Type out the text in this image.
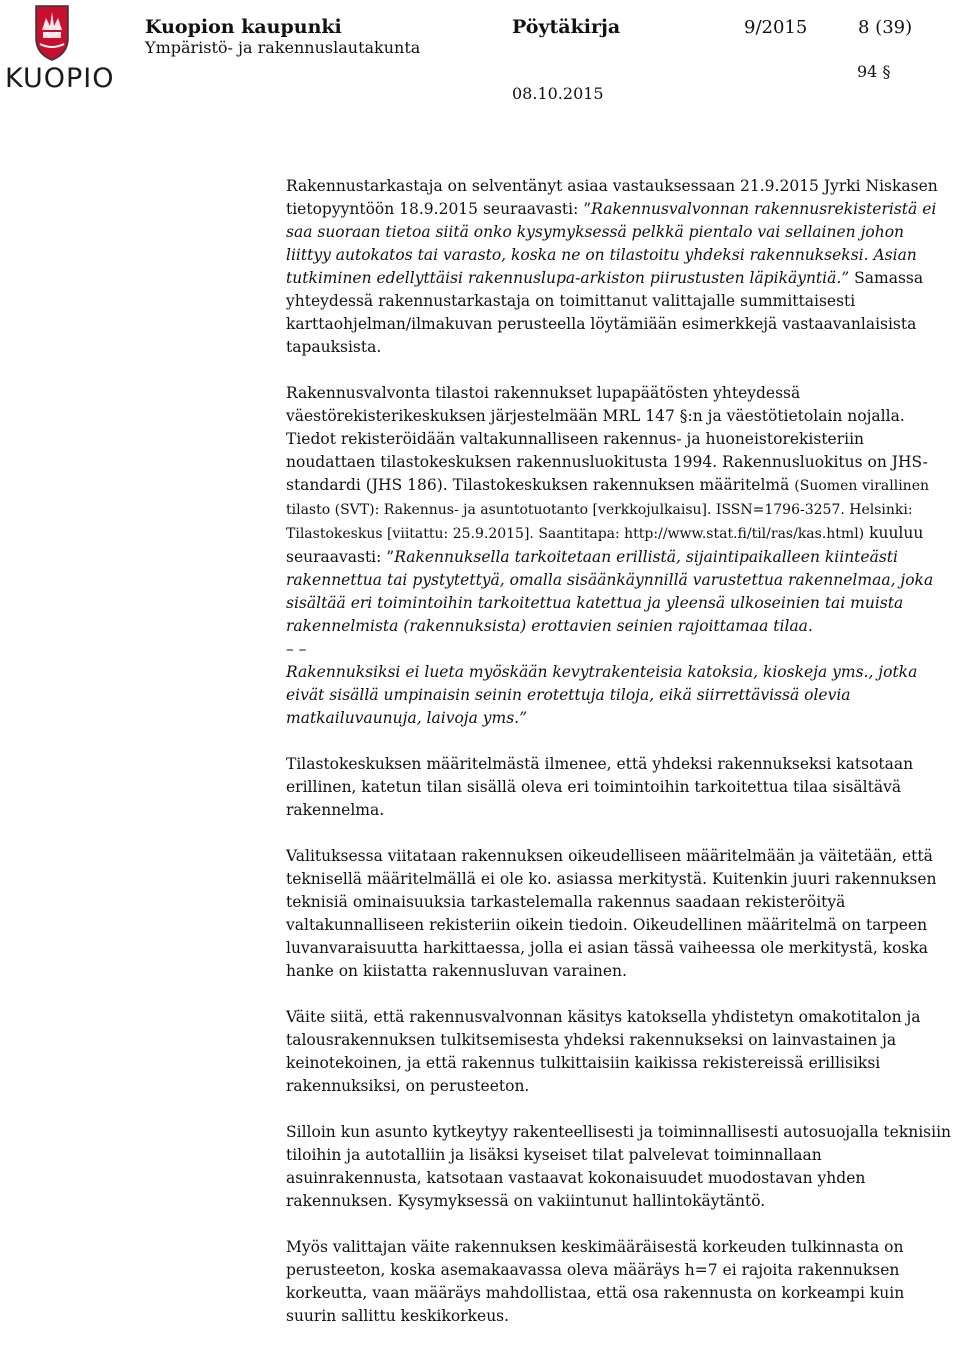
KUOPIO
Kuopion kaupunki
Ympäristö- ja rakennuslautakunta
Pöytäkirja	9/2015	8 (39)
94 §
08.10.2015

Rakennustarkastaja on selventänyt asiaa vastauksessaan 21.9.2015 Jyrki Niskasen tietopyyntöön 18.9.2015 seuraavasti: ”Rakennusvalvonnan rakennusrekisteristä ei saa suoraan tietoa siitä onko kysymyksessä pelkkä pientalo vai sellainen johon liittyy autokatos tai varasto, koska ne on tilastoitu yhdeksi rakennukseksi. Asian tutkiminen edellyttäisi rakennuslupa-arkiston piirustusten läpikäyntiä.” Samassa yhteydessä rakennustarkastaja on toimittanut valittajalle summittaisesti karttaohjelman/ilmakuvan perusteella löytämiään esimerkkejä vastaavanlaisista tapauksista.

Rakennusvalvonta tilastoi rakennukset lupapäätösten yhteydessä väestörekisterikeskuksen järjestelmään MRL 147 §:n ja väestötietolain nojalla. Tiedot rekisteröidään valtakunnalliseen rakennus- ja huoneistorekisteriin noudattaen tilastokeskuksen rakennusluokitusta 1994. Rakennusluokitus on JHS-standardi (JHS 186). Tilastokeskuksen rakennuksen määritelmä (Suomen virallinen tilasto (SVT): Rakennus- ja asuntotuotanto [verkkojulkaisu]. ISSN=1796-3257. Helsinki: Tilastokeskus [viitattu: 25.9.2015]. Saantitapa: http://www.stat.fi/til/ras/kas.html) kuuluu seuraavasti: ”Rakennuksella tarkoitetaan erillistä, sijaintipaikalleen kiinteästi rakennettua tai pystytettyä, omalla sisäänkäynnillä varustettua rakennelmaa, joka sisältää eri toimintoihin tarkoitettua katettua ja yleensä ulkoseinien tai muista rakennelmista (rakennuksista) erottavien seinien rajoittamaa tilaa.

– –

Rakennuksiksi ei lueta myöskään kevytrakenteisia katoksia, kioskeja yms., jotka eivät sisällä umpinaisin seinin erotettuja tiloja, eikä siirrettävissä olevia matkailuvaunuja, laivoja yms.”

Tilastokeskuksen määritelmästä ilmenee, että yhdeksi rakennukseksi katsotaan erillinen, katetun tilan sisällä oleva eri toimintoihin tarkoitettua tilaa sisältävä rakennelma.

Valituksessa viitataan rakennuksen oikeudelliseen määritelmään ja väitetään, että teknisellä määritelmällä ei ole ko. asiassa merkitystä. Kuitenkin juuri rakennuksen teknisiä ominaisuuksia tarkastelemalla rakennus saadaan rekisteröityä valtakunnalliseen rekisteriin oikein tiedoin. Oikeudellinen määritelmä on tarpeen luvanvaraisuutta harkittaessa, jolla ei asian tässä vaiheessa ole merkitystä, koska hanke on kiistatta rakennusluvan varainen.

Väite siitä, että rakennusvalvonnan käsitys katoksella yhdistetyn omakotitalon ja talousrakennuksen tulkitsemisesta yhdeksi rakennukseksi on lainvastainen ja keinotekoinen, ja että rakennus tulkittaisiin kaikissa rekistereissä erillisiksi rakennuksiksi, on perusteeton.

Silloin kun asunto kytkeytyy rakenteellisesti ja toiminnallisesti autosuojalla teknisiin tiloihin ja autotalliin ja lisäksi kyseiset tilat palvelevat toiminnallaan asuinrakennusta, katsotaan vastaavat kokonaisuudet muodostavan yhden rakennuksen. Kysymyksessä on vakiintunut hallintokäytäntö.

Myös valittajan väite rakennuksen keskimääräisestä korkeuden tulkinnasta on perusteeton, koska asemakaavassa oleva määräys h=7 ei rajoita rakennuksen korkeutta, vaan määräys mahdollistaa, että osa rakennusta on korkeampi kuin suurin sallittu keskikorkeus.
